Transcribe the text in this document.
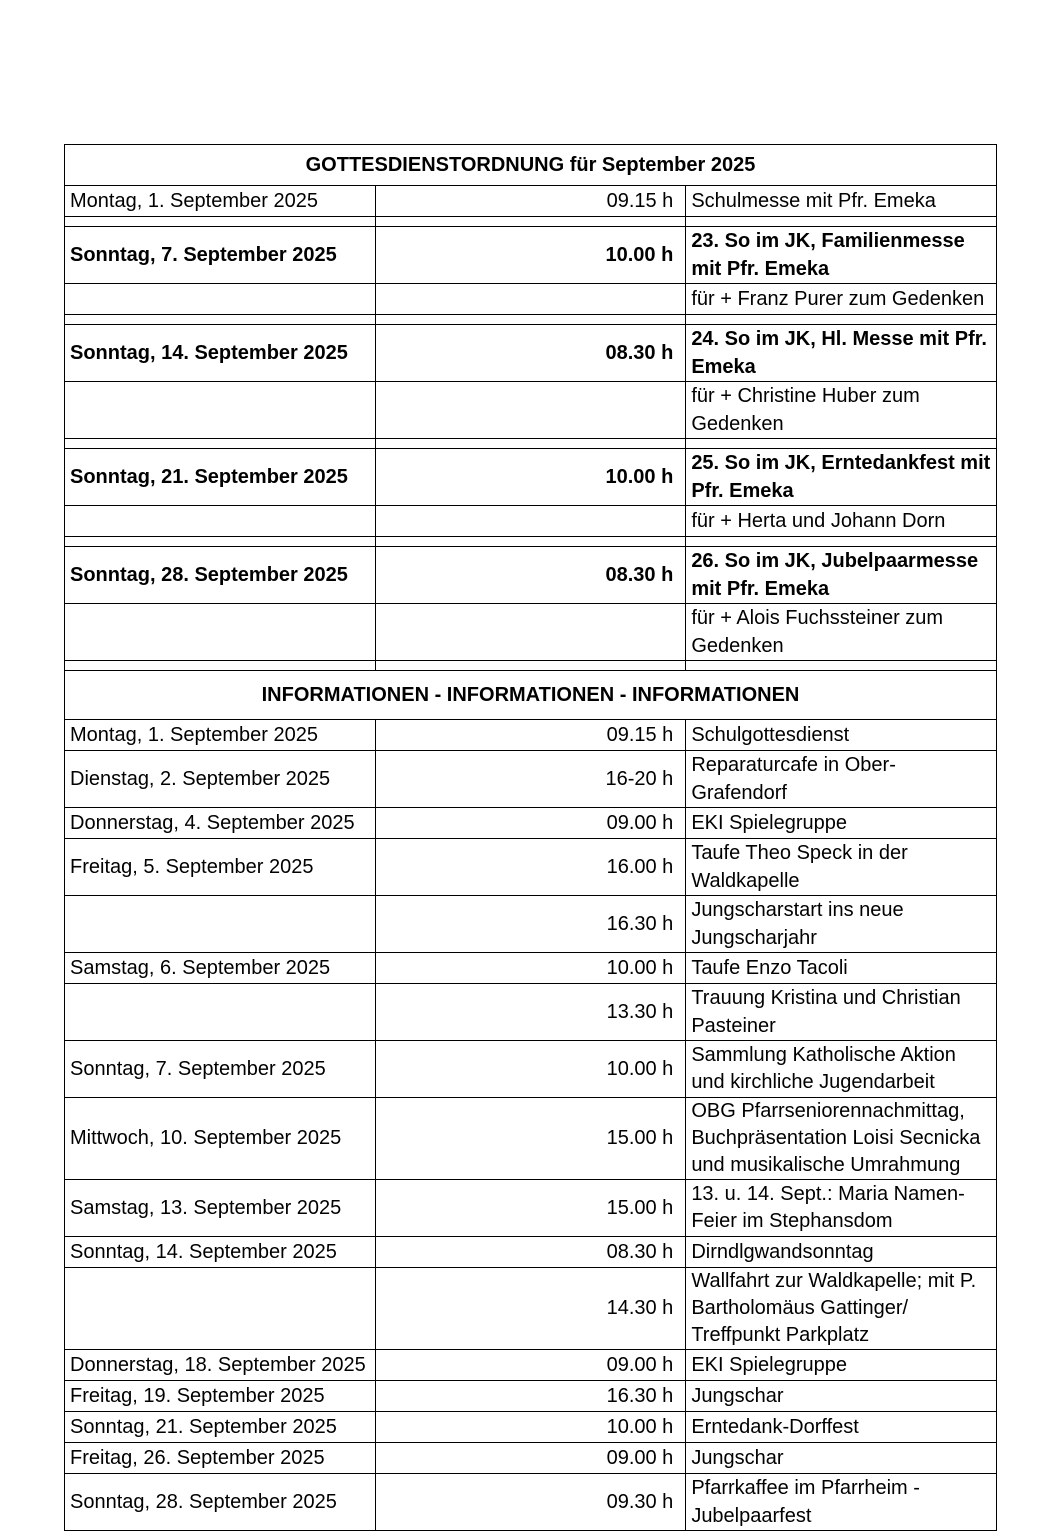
GOTTESDIENSTORDNUNG für September 2025		
Montag, 1. September 2025	09.15 h	Schulmesse mit Pfr. Emeka

Sonntag, 7. September 2025	10.00 h	23. So im JK, Familienmesse mit Pfr. Emeka
		für + Franz Purer zum Gedenken

Sonntag, 14. September 2025	08.30 h	24. So im JK, Hl. Messe mit Pfr. Emeka
		für + Christine Huber zum Gedenken

Sonntag, 21. September 2025	10.00 h	25. So im JK, Erntedankfest mit Pfr. Emeka
		für + Herta und Johann Dorn

Sonntag, 28. September 2025	08.30 h	26. So im JK, Jubelpaarmesse mit Pfr. Emeka
		für + Alois Fuchssteiner zum Gedenken

INFORMATIONEN - INFORMATIONEN - INFORMATIONEN		
Montag, 1. September 2025	09.15 h	Schulgottesdienst
Dienstag, 2. September 2025	16-20 h	Reparaturcafe in Ober-Grafendorf
Donnerstag, 4. September 2025	09.00 h	EKI Spielegruppe
Freitag, 5. September 2025	16.00 h	Taufe Theo Speck in der Waldkapelle
	16.30 h	Jungscharstart ins neue Jungscharjahr
Samstag, 6. September 2025	10.00 h	Taufe Enzo Tacoli
	13.30 h	Trauung Kristina und Christian Pasteiner
Sonntag, 7. September 2025	10.00 h	Sammlung Katholische Aktion und kirchliche Jugendarbeit
Mittwoch, 10. September 2025	15.00 h	OBG Pfarrseniorennachmittag, Buchpräsentation Loisi Secnicka und musikalische Umrahmung
Samstag, 13. September 2025	15.00 h	13. u. 14. Sept.: Maria Namen-Feier im Stephansdom
Sonntag, 14. September 2025	08.30 h	Dirndlgwandsonntag
	14.30 h	Wallfahrt zur Waldkapelle; mit P. Bartholomäus Gattinger/ Treffpunkt Parkplatz
Donnerstag, 18. September 2025	09.00 h	EKI Spielegruppe
Freitag, 19. September 2025	16.30 h	Jungschar
Sonntag, 21. September 2025	10.00 h	Erntedank-Dorffest
Freitag, 26. September 2025	09.00 h	Jungschar
Sonntag, 28. September 2025	09.30 h	Pfarrkaffee im Pfarrheim - Jubelpaarfest
